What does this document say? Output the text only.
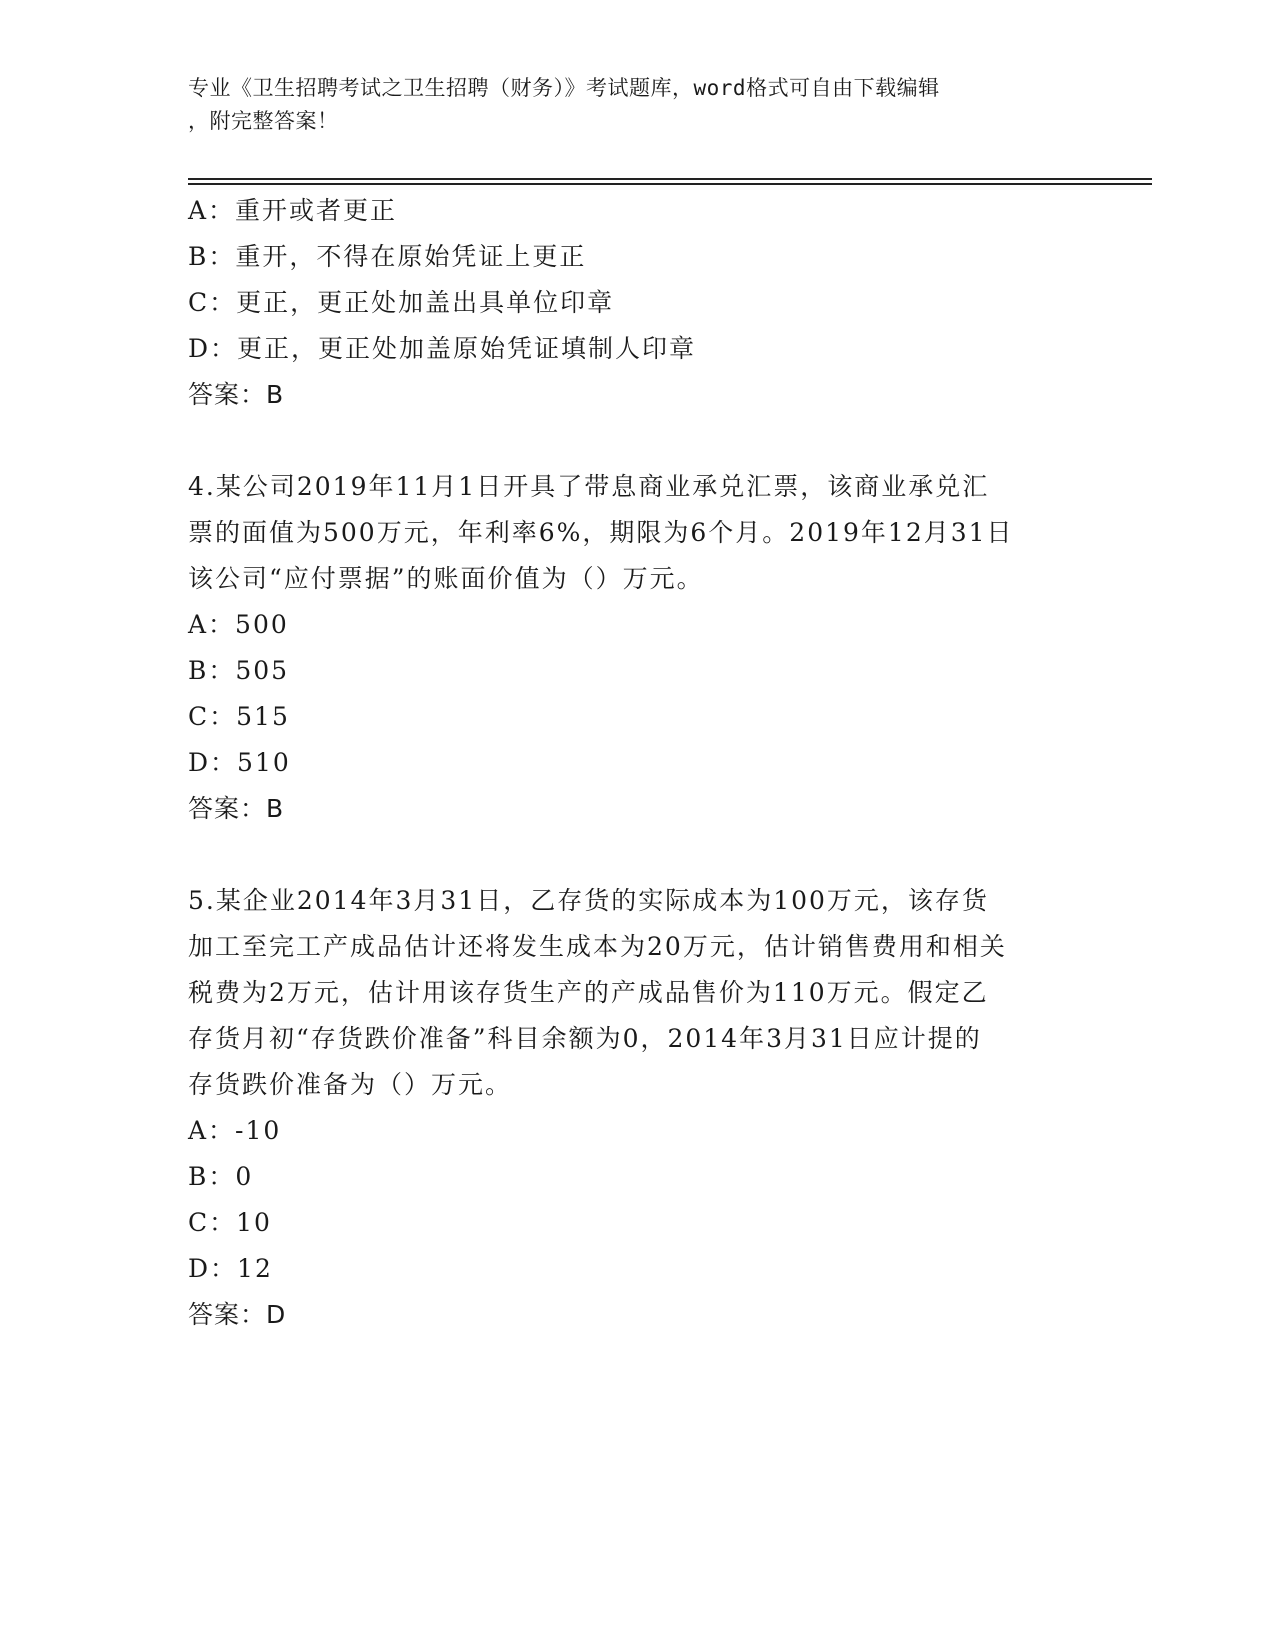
专业《卫生招聘考试之卫生招聘（财务）》考试题库，word格式可自由下载编辑
，附完整答案！
A：重开或者更正
B：重开，不得在原始凭证上更正
C：更正，更正处加盖出具单位印章
D：更正，更正处加盖原始凭证填制人印章
答案：B
4.某公司2019年11月1日开具了带息商业承兑汇票，该商业承兑汇
票的面值为500万元，年利率6%，期限为6个月。2019年12月31日
该公司“应付票据”的账面价值为（）万元。
A：500
B：505
C：515
D：510
答案：B
5.某企业2014年3月31日，乙存货的实际成本为100万元，该存货
加工至完工产成品估计还将发生成本为20万元，估计销售费用和相关
税费为2万元，估计用该存货生产的产成品售价为110万元。假定乙
存货月初“存货跌价准备”科目余额为0，2014年3月31日应计提的
存货跌价准备为（）万元。
A：-10
B：0
C：10
D：12
答案：D
